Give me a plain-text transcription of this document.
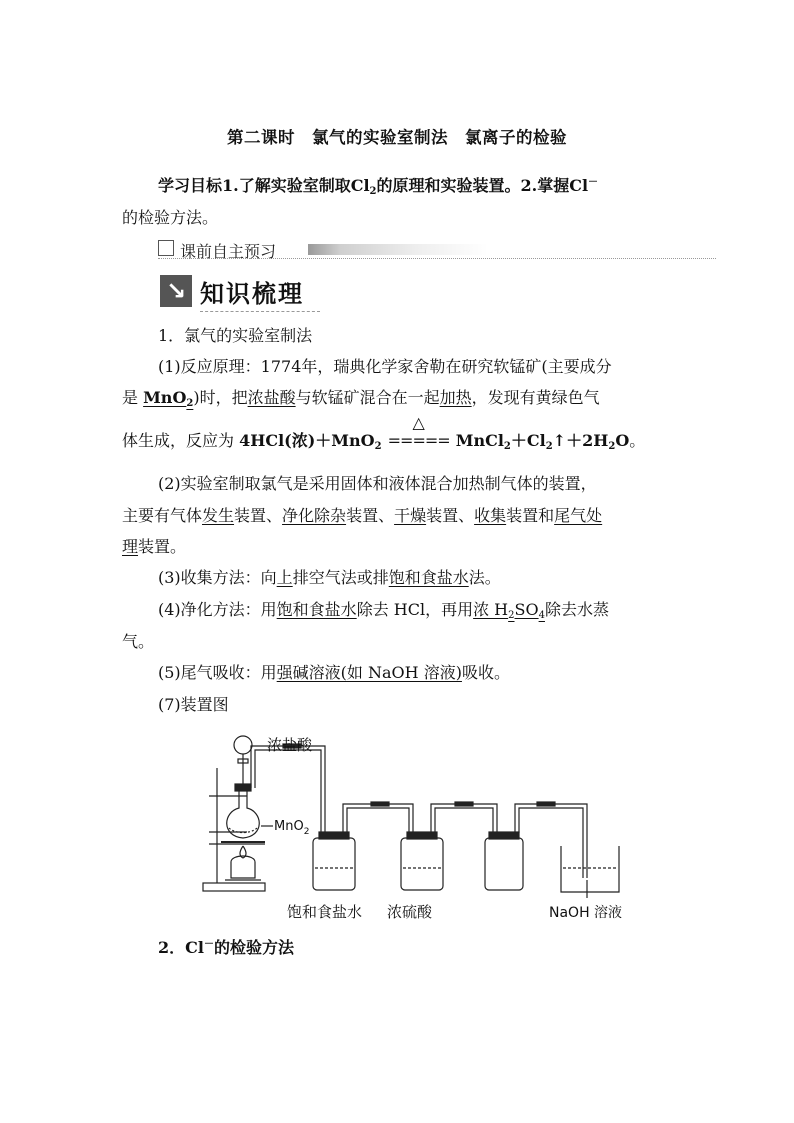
第二课时　氯气的实验室制法　氯离子的检验
学习目标1.了解实验室制取$Cl_2$的原理和实验装置。2.掌握Cl－
的检验方法。
课前自主预习
↘ 知识梳理
1．氯气的实验室制法
(1)反应原理：1774年，瑞典化学家舍勒在研究软锰矿(主要成分
是 MnO$_2$)时，把浓盐酸与软锰矿混合在一起加热，发现有黄绿色气
体生成，反应为 4HCl(浓)＋MnO$_2$
△
===== $MnCl_2+Cl_2↑+2H_2O$。
(2)实验室制取氯气是采用固体和液体混合加热制气体的装置，
主要有气体发生装置、净化除杂装置、干燥装置、收集装置和尾气处
理装置。
(3)收集方法：向上排空气法或排饱和食盐水法。
(4)净化方法：用饱和食盐水除去 HCl，再用浓 $H_2SO_4$除去水蒸
气。
(5)尾气吸收：用强碱溶液(如 NaOH 溶液)吸收。
(7)装置图
浓盐酸
MnO$_2$
饱和食盐水 浓硫酸	NaOH 溶液
2．Cl－的检验方法
